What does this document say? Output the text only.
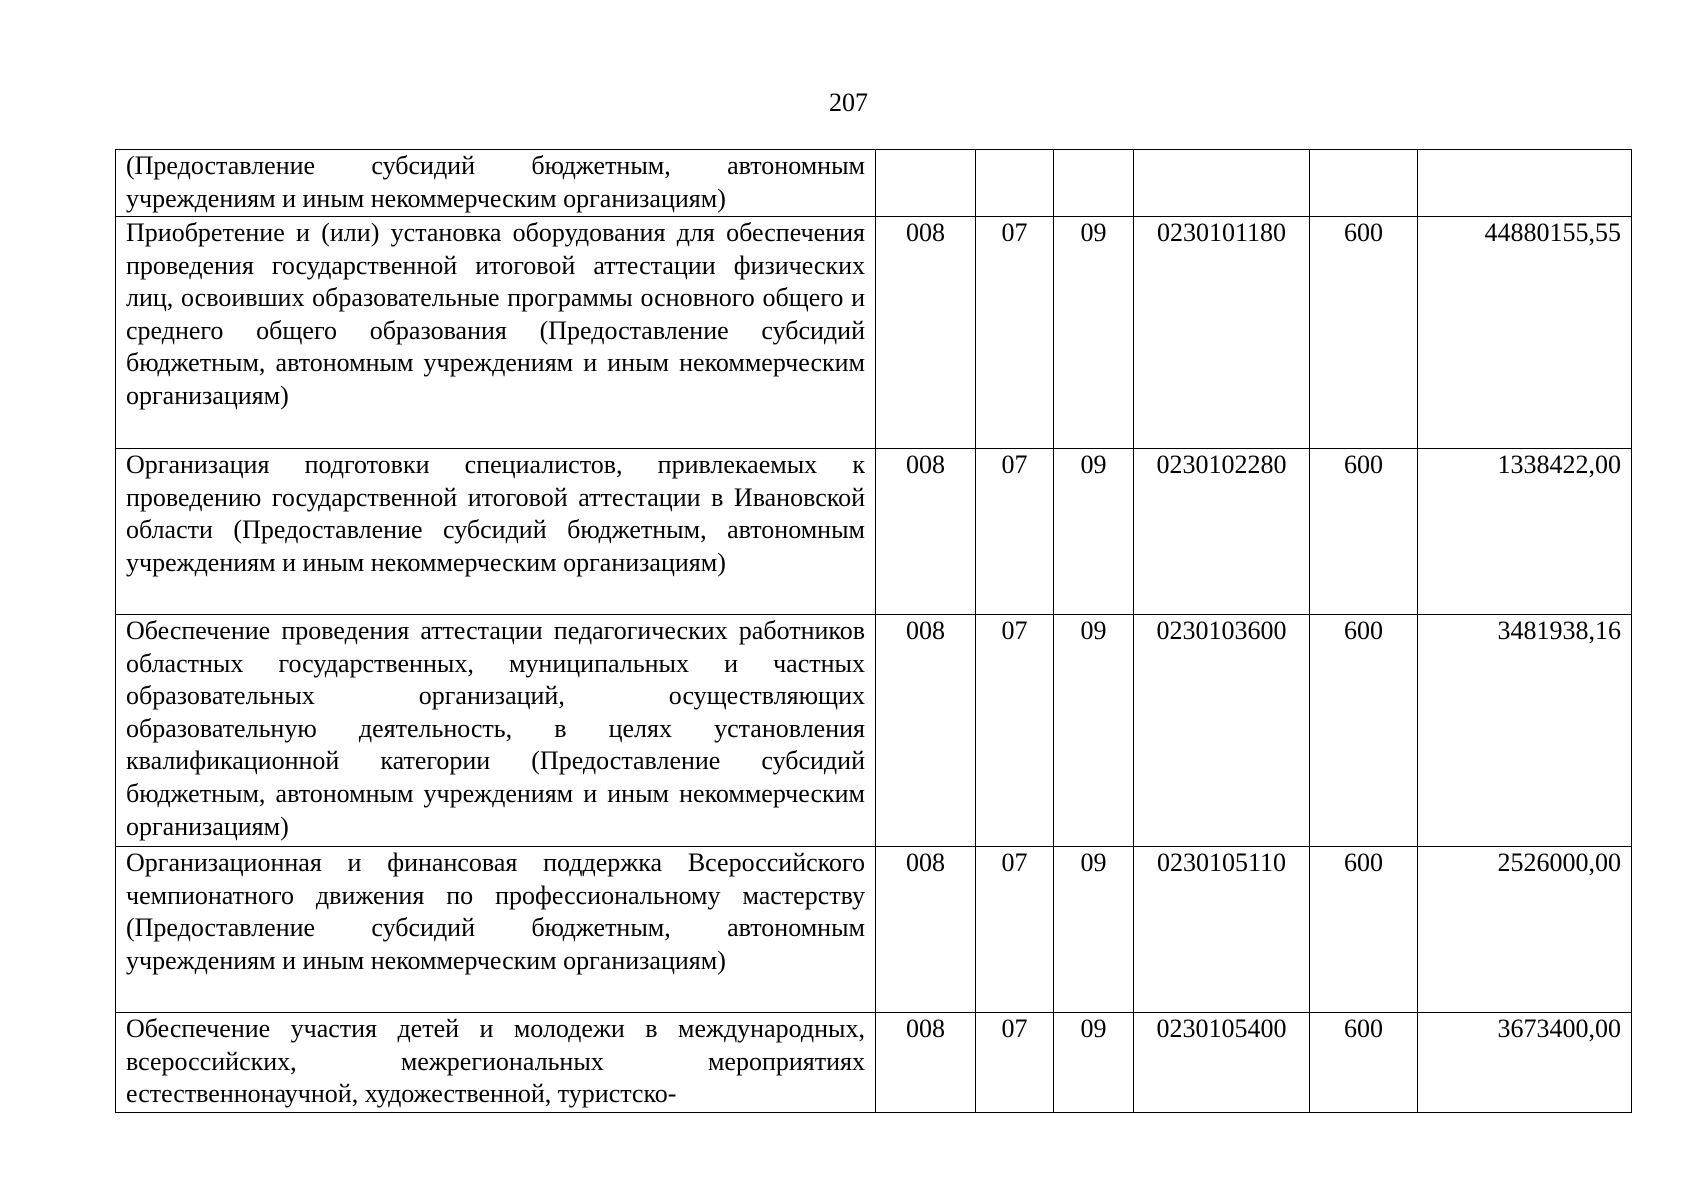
207
(Предоставление субсидий бюджетным, автономным учреждениям и иным некоммерческим организациям)						
Приобретение и (или) установка оборудования для обеспечения проведения государственной итоговой аттестации физических лиц, освоивших образовательные программы основного общего и среднего общего образования (Предоставление субсидий бюджетным, автономным учреждениям и иным некоммерческим организациям)	008	07	09	0230101180	600	44880155,55
Организация подготовки специалистов, привлекаемых к проведению государственной итоговой аттестации в Ивановской области (Предоставление субсидий бюджетным, автономным учреждениям и иным некоммерческим организациям)	008	07	09	0230102280	600	1338422,00
Обеспечение проведения аттестации педагогических работников областных государственных, муниципальных и частных образовательных организаций, осуществляющих образовательную деятельность, в целях установления квалификационной категории (Предоставление субсидий бюджетным, автономным учреждениям и иным некоммерческим организациям)	008	07	09	0230103600	600	3481938,16
Организационная и финансовая поддержка Всероссийского чемпионатного движения по профессиональному мастерству (Предоставление субсидий бюджетным, автономным учреждениям и иным некоммерческим организациям)	008	07	09	0230105110	600	2526000,00
Обеспечение участия детей и молодежи в международных, всероссийских, межрегиональных мероприятиях естественнонаучной, художественной, туристско-	008	07	09	0230105400	600	3673400,00
